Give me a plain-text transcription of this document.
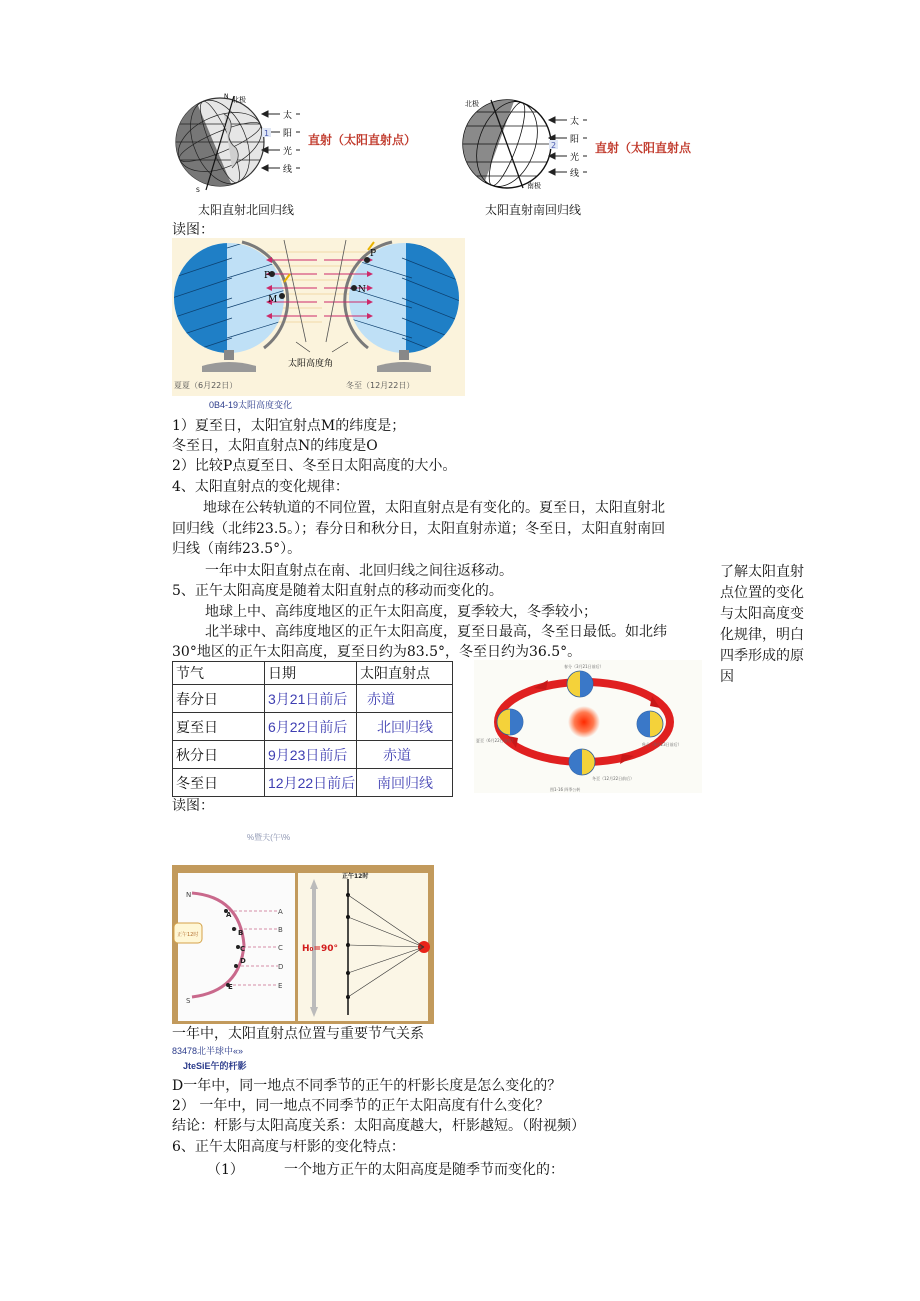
北极
N
S
太
阳
光
线
1	直射（太阳直射点）
北极
南极
太
阳
光
线
2	直射（太阳直射点
太阳直射北回归线	太阳直射南回归线
读图：
P
M
P
N
太阳高度角
夏夏（6月22日）	冬至（12月22日）
0B4-19太阳高度变化
1）夏至日，太阳宜射点M的纬度是；
冬至日，太阳直射点N的纬度是O
2）比较P点夏至日、冬至日太阳高度的大小。
4、太阳直射点的变化规律：
地球在公转轨道的不同位置，太阳直射点是有变化的。夏至日，太阳直射北
回归线（北纬23.5。）；春分日和秋分日，太阳直射赤道；冬至日，太阳直射南回
归线（南纬23.5°）。
一年中太阳直射点在南、北回归线之间往返移动。
5、正午太阳高度是随着太阳直射点的移动而变化的。
地球上中、高纬度地区的正午太阳高度，夏季较大，冬季较小；
北半球中、高纬度地区的正午太阳高度，夏至日最高，冬至日最低。如北纬
30°地区的正午太阳高度，夏至日约为83.5°，冬至日约为36.5°。
了解太阳直射
点位置的变化
与太阳高度变
化规律，明白
四季形成的原
因
节气	日期	太阳直射点
春分日	3月21日前后	赤道
夏至日	6月22日前后	北回归线
秋分日	9月23日前后	赤道
冬至日	12月22日前后	南回归线
春分（3月21日前后）
夏至（6月22日前后）
秋分（9月23日前后）
冬至（12月22日前后）
图1-16 四季公转
读图：
%暨夫(午\%
正午12时
N
A
B
C
D
E
S
A
B
C
D
E
正午12时
H₀=90°
一年中，太阳直射点位置与重要节气关系
83478北半球中«»
JteSiE午的杆影
D一年中，同一地点不同季节的正午的杆影长度是怎么变化的？
2） 一年中，同一地点不同季节的正午太阳高度有什么变化？
结论：杆影与太阳高度关系：太阳高度越大，杆影越短。（附视频）
6、正午太阳高度与杆影的变化特点：
（1）	一个地方正午的太阳高度是随季节而变化的：
